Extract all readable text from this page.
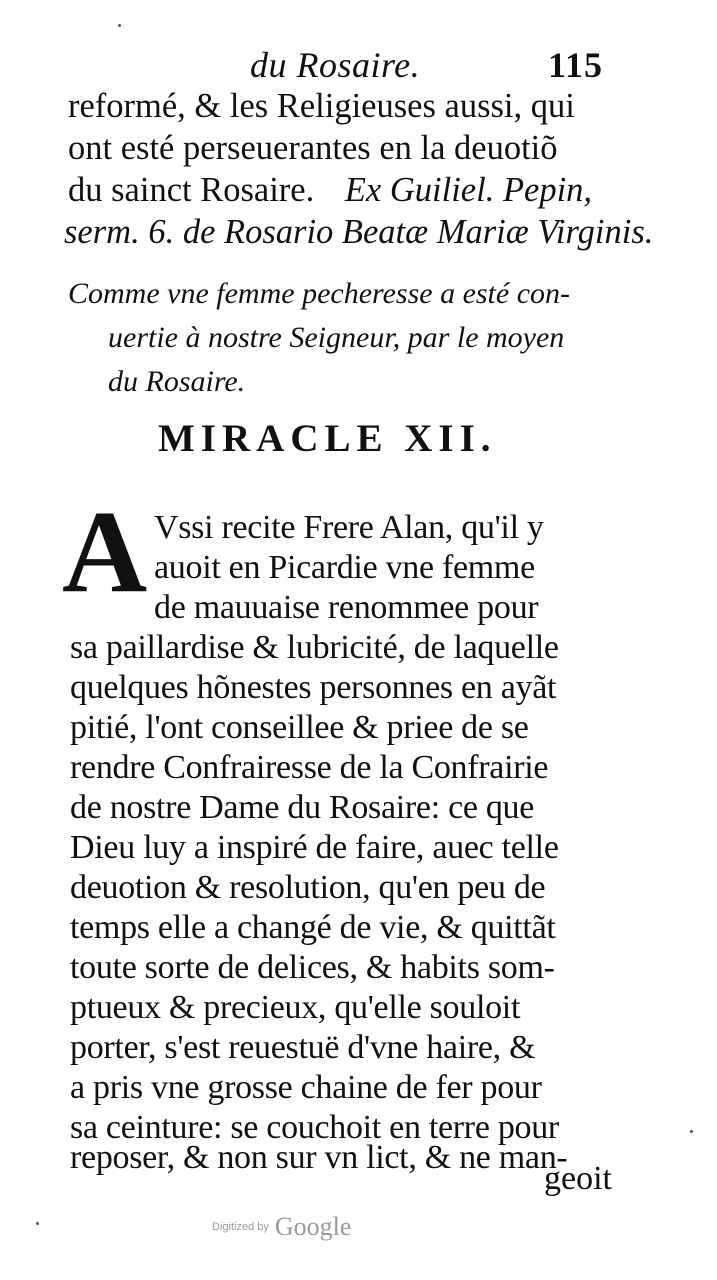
du Rosaire.	115
reformé, & les Religieuses aussi, qui
ont esté perseuerantes en la deuotiõ
du sainct Rosaire. Ex Guiliel. Pepin,
serm. 6. de Rosario Beatæ Mariæ Virginis.
Comme vne femme pecheresse a esté con-
uertie à nostre Seigneur, par le moyen
du Rosaire.
MIRACLE XII.
A Vssi recite Frere Alan, qu'il y
auoit en Picardie vne femme
de mauuaise renommee pour
sa paillardise & lubricité, de laquelle
quelques hõnestes personnes en ayãt
pitié, l'ont conseillee & priee de se
rendre Confrairesse de la Confrairie
de nostre Dame du Rosaire: ce que
Dieu luy a inspiré de faire, auec telle
deuotion & resolution, qu'en peu de
temps elle a changé de vie, & quittãt
toute sorte de delices, & habits som-
ptueux & precieux, qu'elle souloit
porter, s'est reuestuë d'vne haire, &
a pris vne grosse chaine de fer pour
sa ceinture: se couchoit en terre pour
reposer, & non sur vn lict, & ne man-
geoit
Digitized by Google
